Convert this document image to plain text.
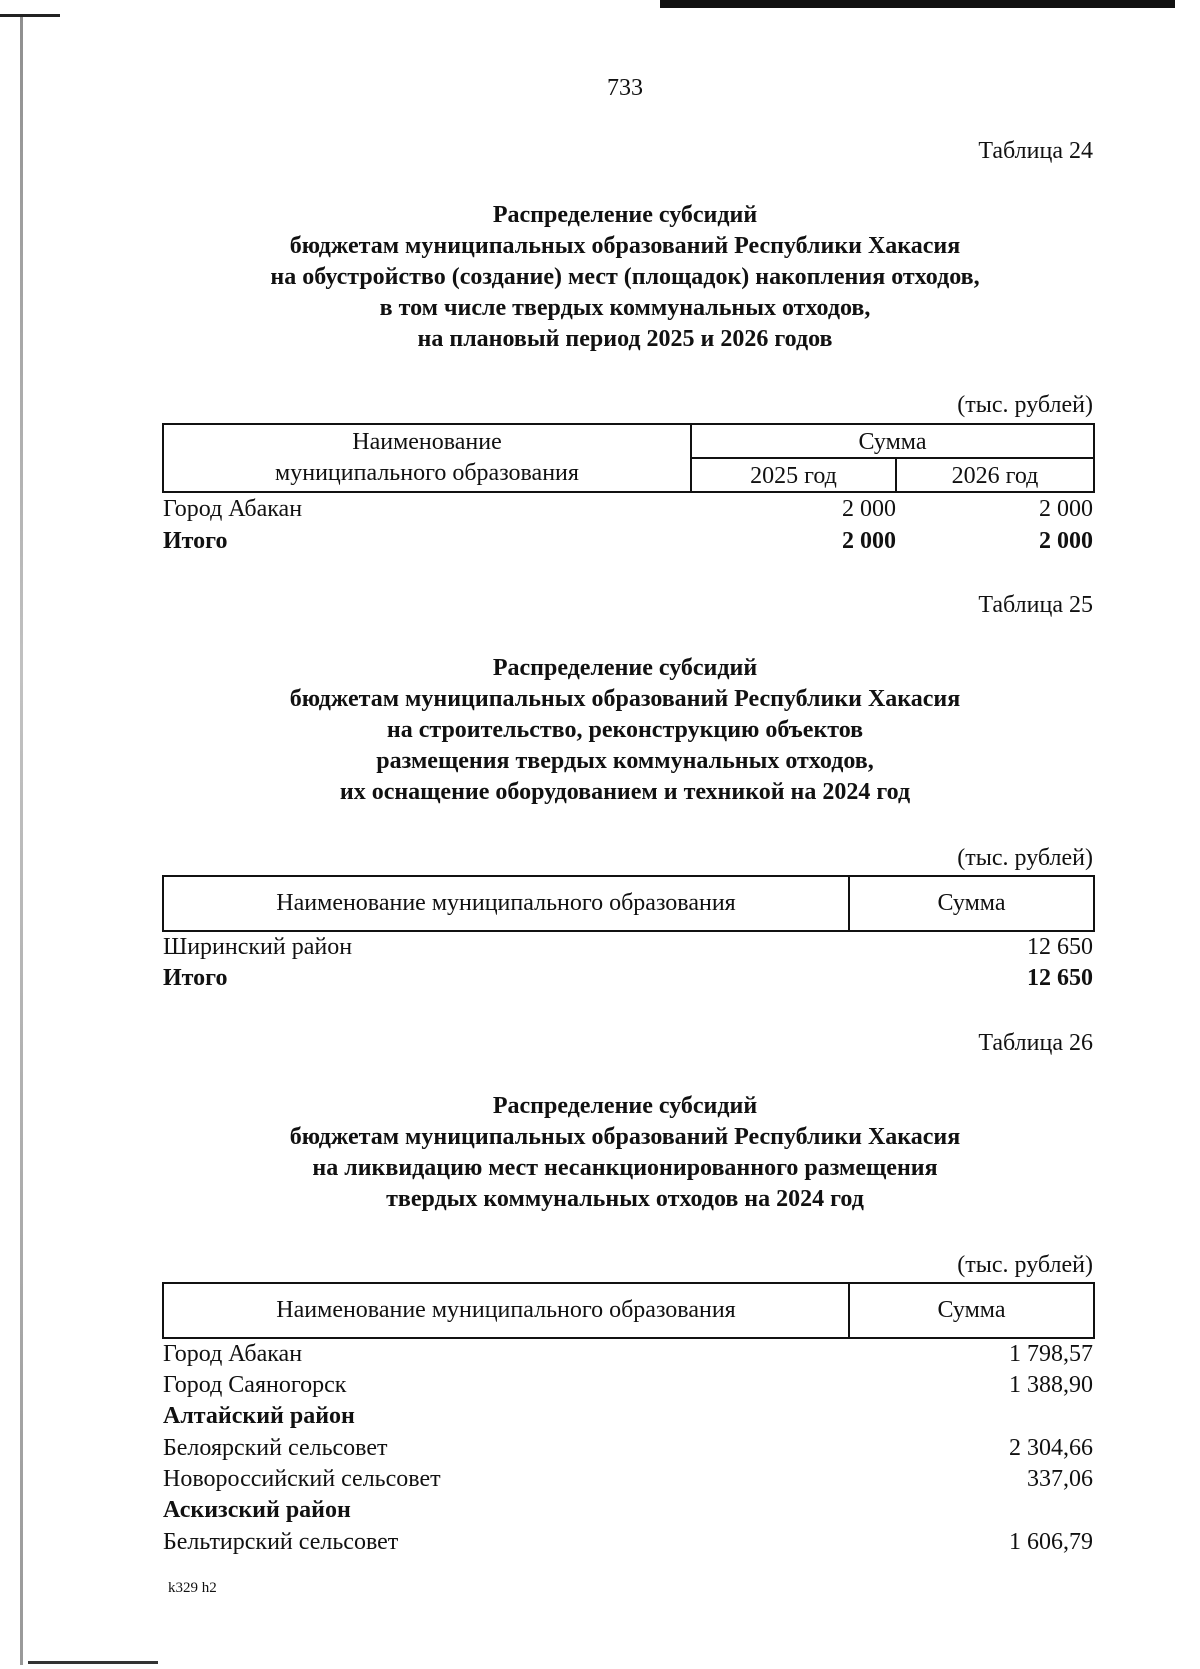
733
Таблица 24
Распределение субсидий
бюджетам муниципальных образований Республики Хакасия
на обустройство (создание) мест (площадок) накопления отходов,
в том числе твердых коммунальных отходов,
на плановый период 2025 и 2026 годов
(тыс. рублей)
Наименование
муниципального образования
Сумма
2025 год	2026 год
Город Абакан	2 000	2 000
Итого	2 000	2 000
Таблица 25
Распределение субсидий
бюджетам муниципальных образований Республики Хакасия
на строительство, реконструкцию объектов
размещения твердых коммунальных отходов,
их оснащение оборудованием и техникой на 2024 год
(тыс. рублей)
Наименование муниципального образования	Сумма
Ширинский район	12 650
Итого	12 650
Таблица 26
Распределение субсидий
бюджетам муниципальных образований Республики Хакасия
на ликвидацию мест несанкционированного размещения
твердых коммунальных отходов на 2024 год
(тыс. рублей)
Наименование муниципального образования	Сумма
Город Абакан	1 798,57
Город Саяногорск	1 388,90
Алтайский район
Белоярский сельсовет	2 304,66
Новороссийский сельсовет	337,06
Аскизский район
Бельтирский сельсовет	1 606,79
k329 h2
